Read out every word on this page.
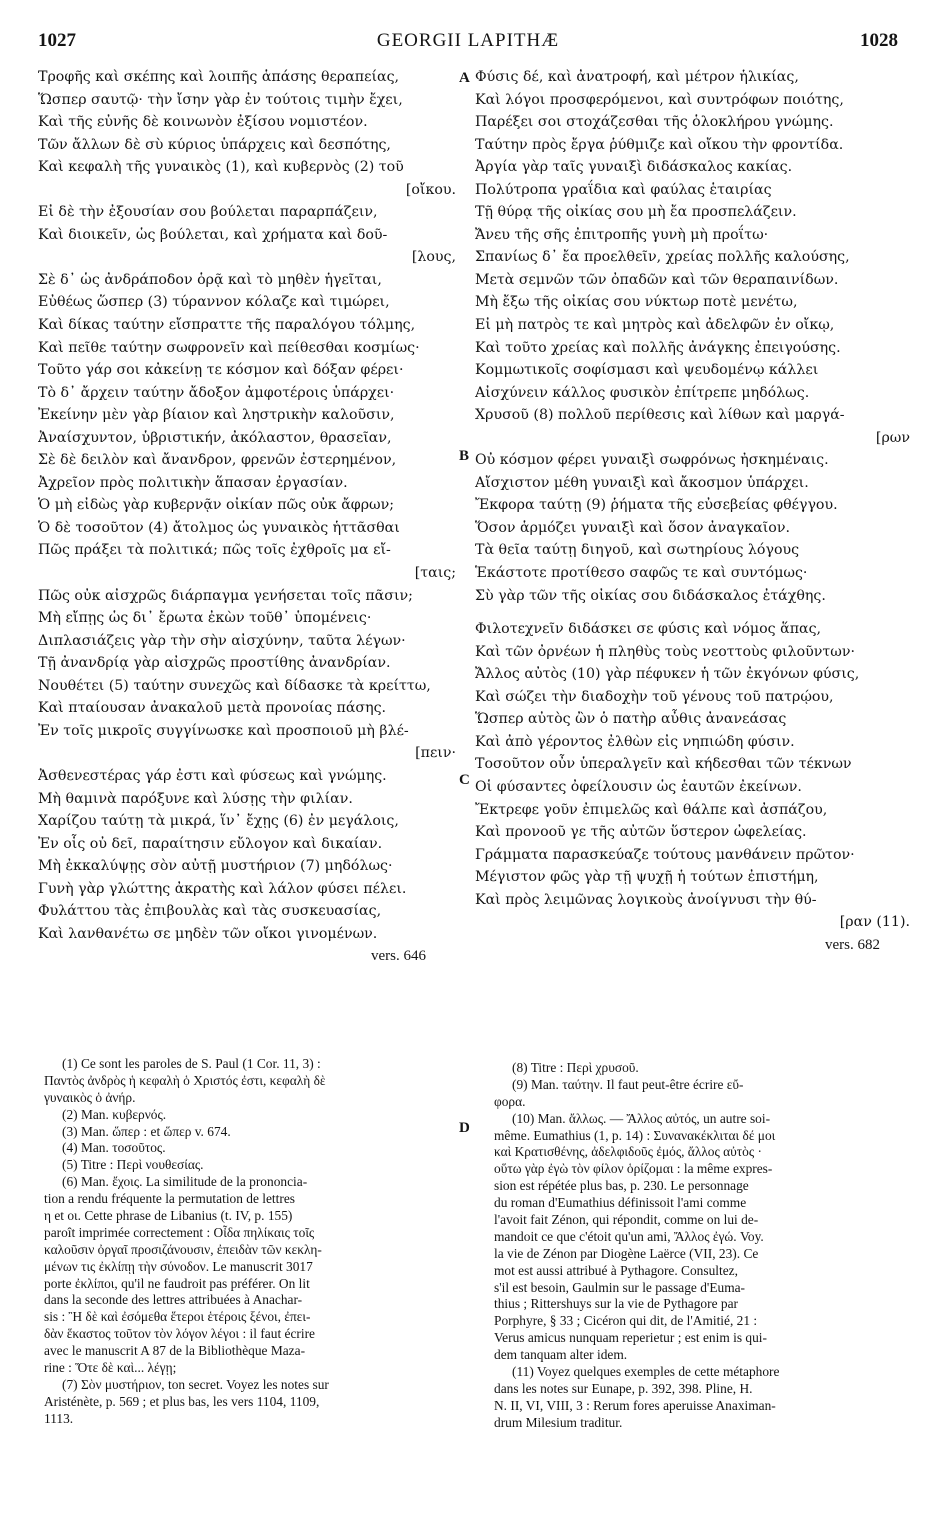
1027	GEORGII LAPITHÆ	1028
A
B
C
D
Τροφῆς καὶ σκέπης καὶ λοιπῆς ἁπάσης θεραπείας,
Ὥσπερ σαυτῷ· τὴν ἴσην γὰρ ἐν τούτοις τιμὴν ἔχει,
Καὶ τῆς εὐνῆς δὲ κοινωνὸν ἐξίσου νομιστέον.
Τῶν ἄλλων δὲ σὺ κύριος ὑπάρχεις καὶ δεσπότης,
Καὶ κεφαλὴ τῆς γυναικὸς (1), καὶ κυβερνὸς (2) τοῦ
[οἴκου.
Εἰ δὲ τὴν ἐξουσίαν σου βούλεται παραρπάζειν,
Καὶ διοικεῖν, ὡς βούλεται, καὶ χρήματα καὶ δοῦ-
[λους,
Σὲ δ᾽ ὡς ἀνδράποδον ὁρᾷ καὶ τὸ μηθὲν ἡγεῖται,
Εὐθέως ὥσπερ (3) τύραννον κόλαζε καὶ τιμώρει,
Καὶ δίκας ταύτην εἴσπραττε τῆς παραλόγου τόλμης,
Καὶ πεῖθε ταύτην σωφρονεῖν καὶ πείθεσθαι κοσμίως·
Τοῦτο γάρ σοι κἀκείνῃ τε κόσμον καὶ δόξαν φέρει·
Τὸ δ᾽ ἄρχειν ταύτην ἄδοξον ἀμφοτέροις ὑπάρχει·
Ἐκείνην μὲν γὰρ βίαιον καὶ ληστρικὴν καλοῦσιν,
Ἀναίσχυντον, ὑβριστικήν, ἀκόλαστον, θρασεῖαν,
Σὲ δὲ δειλὸν καὶ ἄνανδρον, φρενῶν ἐστερημένον,
Ἀχρεῖον πρὸς πολιτικὴν ἅπασαν ἐργασίαν.
Ὁ μὴ εἰδὼς γὰρ κυβερνᾷν οἰκίαν πῶς οὐκ ἄφρων;
Ὁ δὲ τοσοῦτον (4) ἄτολμος ὡς γυναικὸς ἡττᾶσθαι
Πῶς πράξει τὰ πολιτικά; πῶς τοῖς ἐχθροῖς μα εἴ-
[ταις;
Πῶς οὐκ αἰσχρῶς διάρπαγμα γενήσεται τοῖς πᾶσιν;
Μὴ εἴπῃς ὡς δι᾽ ἔρωτα ἐκὼν τοῦθ᾽ ὑπομένεις·
Διπλασιάζεις γὰρ τὴν σὴν αἰσχύνην, ταῦτα λέγων·
Τῇ ἀνανδρίᾳ γὰρ αἰσχρῶς προστίθης ἀνανδρίαν.
Νουθέτει (5) ταύτην συνεχῶς καὶ δίδασκε τὰ κρείττω,
Καὶ πταίουσαν ἀνακαλοῦ μετὰ προνοίας πάσης.
Ἐν τοῖς μικροῖς συγγίνωσκε καὶ προσποιοῦ μὴ βλέ-
[πειν·
Ἀσθενεστέρας γάρ ἐστι καὶ φύσεως καὶ γνώμης.
Μὴ θαμινὰ παρόξυνε καὶ λύσῃς τὴν φιλίαν.
Χαρίζου ταύτῃ τὰ μικρά, ἵν᾽ ἔχῃς (6) ἐν μεγάλοις,
Ἐν οἷς οὐ δεῖ, παραίτησιν εὔλογον καὶ δικαίαν.
Μὴ ἐκκαλύψῃς σὸν αὐτῇ μυστήριον (7) μηδόλως·
Γυνὴ γὰρ γλώττης ἀκρατὴς καὶ λάλον φύσει πέλει.
Φυλάττου τὰς ἐπιβουλὰς καὶ τὰς συσκευασίας,
Καὶ λανθανέτω σε μηδὲν τῶν οἴκοι γινομένων.
vers. 646
Φύσις δέ, καὶ ἀνατροφή, καὶ μέτρον ἡλικίας,
Καὶ λόγοι προσφερόμενοι, καὶ συντρόφων ποιότης,
Παρέξει σοι στοχάζεσθαι τῆς ὁλοκλήρου γνώμης.
Ταύτην πρὸς ἔργα ῥύθμιζε καὶ οἴκου τὴν φροντίδα.
Ἀργία γὰρ ταῖς γυναιξὶ διδάσκαλος κακίας.
Πολύτροπα γραΐδια καὶ φαύλας ἑταιρίας
Τῇ θύρᾳ τῆς οἰκίας σου μὴ ἔα προσπελάζειν.
Ἄνευ τῆς σῆς ἐπιτροπῆς γυνὴ μὴ προΐτω·
Σπανίως δ᾽ ἔα προελθεῖν, χρείας πολλῆς καλούσης,
Μετὰ σεμνῶν τῶν ὀπαδῶν καὶ τῶν θεραπαινίδων.
Μὴ ἔξω τῆς οἰκίας σου νύκτωρ ποτὲ μενέτω,
Εἰ μὴ πατρὸς τε καὶ μητρὸς καὶ ἀδελφῶν ἐν οἴκῳ,
Καὶ τοῦτο χρείας καὶ πολλῆς ἀνάγκης ἐπειγούσης.
Κομμωτικοῖς σοφίσμασι καὶ ψευδομένῳ κάλλει
Αἰσχύνειν κάλλος φυσικὸν ἐπίτρεπε μηδόλως.
Χρυσοῦ (8) πολλοῦ περίθεσις καὶ λίθων καὶ μαργά-
[ρων
Οὐ κόσμον φέρει γυναιξὶ σωφρόνως ἠσκημέναις.
Αἴσχιστον μέθη γυναιξὶ καὶ ἄκοσμον ὑπάρχει.
Ἔκφορα ταύτῃ (9) ῥήματα τῆς εὐσεβείας φθέγγου.
Ὅσον ἁρμόζει γυναιξὶ καὶ ὅσον ἀναγκαῖον.
Τὰ θεῖα ταύτῃ διηγοῦ, καὶ σωτηρίους λόγους
Ἑκάστοτε προτίθεσο σαφῶς τε καὶ συντόμως·
Σὺ γὰρ τῶν τῆς οἰκίας σου διδάσκαλος ἐτάχθης.
Φιλοτεχνεῖν διδάσκει σε φύσις καὶ νόμος ἅπας,
Καὶ τῶν ὀρνέων ἡ πληθὺς τοὺς νεοττοὺς φιλοῦντων·
Ἄλλος αὐτὸς (10) γὰρ πέφυκεν ἡ τῶν ἐκγόνων φύσις,
Καὶ σώζει τὴν διαδοχὴν τοῦ γένους τοῦ πατρῴου,
Ὥσπερ αὐτὸς ὢν ὁ πατὴρ αὖθις ἀνανεάσας
Καὶ ἀπὸ γέροντος ἐλθὼν εἰς νηπιώδη φύσιν.
Τοσοῦτον οὖν ὑπεραλγεῖν καὶ κήδεσθαι τῶν τέκνων
Οἱ φύσαντες ὀφείλουσιν ὡς ἑαυτῶν ἐκείνων.
Ἔκτρεφε γοῦν ἐπιμελῶς καὶ θάλπε καὶ ἀσπάζου,
Καὶ προνοοῦ γε τῆς αὐτῶν ὕστερον ὠφελείας.
Γράμματα παρασκεύαζε τούτους μανθάνειν πρῶτον·
Μέγιστον φῶς γὰρ τῇ ψυχῇ ἡ τούτων ἐπιστήμη,
Καὶ πρὸς λειμῶνας λογικοὺς ἀνοίγνυσι τὴν θύ-
[ραν (11).
vers. 682
(1) Ce sont les paroles de S. Paul (1 Cor. 11, 3) :
Παντὸς ἀνδρὸς ἡ κεφαλὴ ὁ Χριστός ἐστι, κεφαλὴ δὲ
γυναικὸς ὁ ἀνήρ.
(2) Man. κυβερνός.
(3) Man. ὥπερ : et ὥπερ v. 674.
(4) Man. τοσοῦτος.
(5) Titre : Περὶ νουθεσίας.
(6) Man. ἔχοις. La similitude de la prononcia-
tion a rendu fréquente la permutation de lettres
η et οι. Cette phrase de Libanius (t. IV, p. 155)
paroît imprimée correctement : Οἶδα πηλίκαις τοῖς
καλοῦσιν ὀργαῖ προσιζάνουσιν, ἐπειδὰν τῶν κεκλη-
μένων τις ἐκλίπῃ τὴν σύνοδον. Le manuscrit 3017
porte ἐκλίποι, qu'il ne faudroit pas préférer. On lit
dans la seconde des lettres attribuées à Anachar-
sis : Ἢ δὲ καὶ ἐσόμεθα ἕτεροι ἑτέροις ξένοι, ἐπει-
δὰν ἕκαστος τοῦτον τὸν λόγον λέγοι : il faut écrire
avec le manuscrit A 87 de la Bibliothèque Maza-
rine : Ὅτε δὲ καὶ... λέγῃ;
(7) Σὸν μυστήριον, ton secret. Voyez les notes sur
Aristénète, p. 569 ; et plus bas, les vers 1104, 1109,
1113.
(8) Titre : Περὶ χρυσοῦ.
(9) Man. ταύτην. Il faut peut-être écrire εὔ-
φορα.
(10) Man. ἄλλως. — Ἄλλος αὐτός, un autre soi-
même. Eumathius (1, p. 14) : Συνανακέκλιται δέ μοι
καὶ Κρατισθένης, ἀδελφιδοῦς ἐμός, ἄλλος αὐτὸς ·
οὕτω γὰρ ἐγὼ τὸν φίλον ὁρίζομαι : la même expres-
sion est répétée plus bas, p. 230. Le personnage
du roman d'Eumathius définissoit l'ami comme
l'avoit fait Zénon, qui répondit, comme on lui de-
mandoit ce que c'étoit qu'un ami, Ἄλλος ἐγώ. Voy.
la vie de Zénon par Diogène Laërce (VII, 23). Ce
mot est aussi attribué à Pythagore. Consultez,
s'il est besoin, Gaulmin sur le passage d'Euma-
thius ; Rittershuys sur la vie de Pythagore par
Porphyre, § 33 ; Cicéron qui dit, de l'Amitié, 21 :
Verus amicus nunquam reperietur ; est enim is qui-
dem tanquam alter idem.
(11) Voyez quelques exemples de cette métaphore
dans les notes sur Eunape, p. 392, 398. Pline, H.
N. II, VI, VIII, 3 : Rerum fores aperuisse Anaximan-
drum Milesium traditur.
